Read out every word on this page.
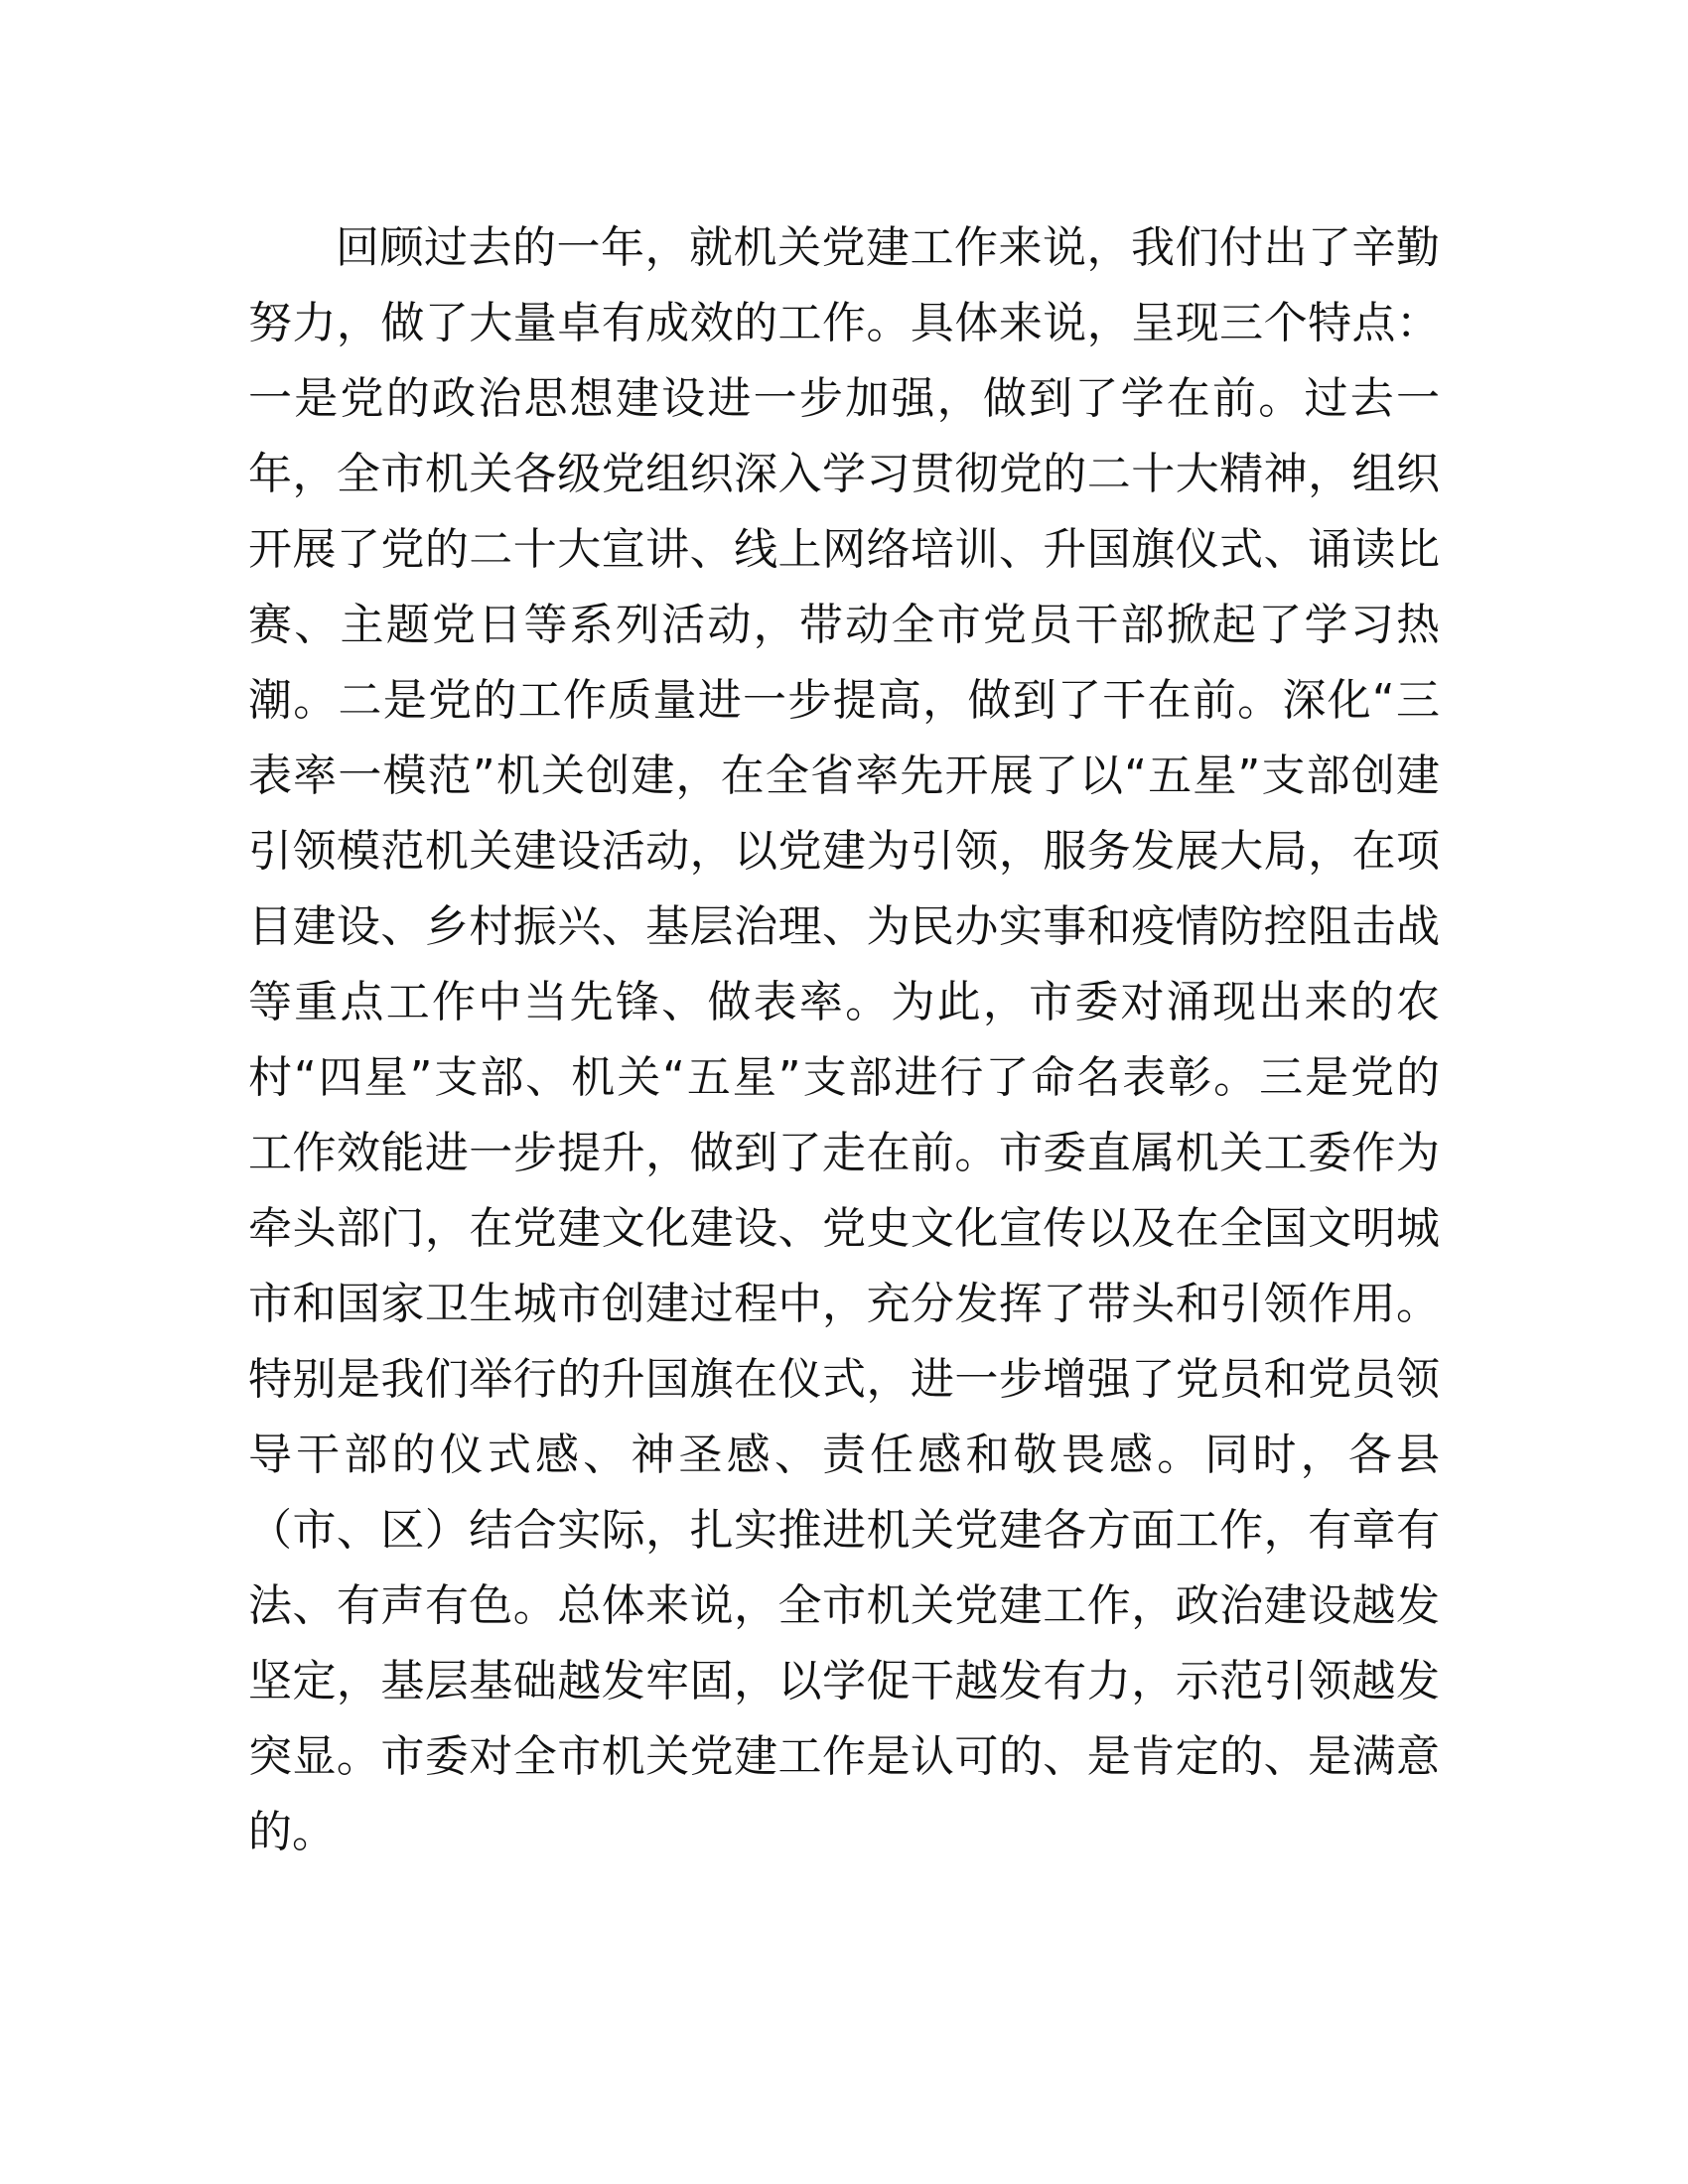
回顾过去的一年，就机关党建工作来说，我们付出了辛勤
努力，做了大量卓有成效的工作。具体来说，呈现三个特点：
一是党的政治思想建设进一步加强，做到了学在前。过去一
年，全市机关各级党组织深入学习贯彻党的二十大精神，组织
开展了党的二十大宣讲、线上网络培训、升国旗仪式、诵读比
赛、主题党日等系列活动，带动全市党员干部掀起了学习热
潮。二是党的工作质量进一步提高，做到了干在前。深化“三
表率一模范”机关创建，在全省率先开展了以“五星”支部创建
引领模范机关建设活动，以党建为引领，服务发展大局，在项
目建设、乡村振兴、基层治理、为民办实事和疫情防控阻击战
等重点工作中当先锋、做表率。为此，市委对涌现出来的农
村“四星”支部、机关“五星”支部进行了命名表彰。三是党的
工作效能进一步提升，做到了走在前。市委直属机关工委作为
牵头部门，在党建文化建设、党史文化宣传以及在全国文明城
市和国家卫生城市创建过程中，充分发挥了带头和引领作用。
特别是我们举行的升国旗在仪式，进一步增强了党员和党员领
导干部的仪式感、神圣感、责任感和敬畏感。同时，各县
（市、区）结合实际，扎实推进机关党建各方面工作，有章有
法、有声有色。总体来说，全市机关党建工作，政治建设越发
坚定，基层基础越发牢固，以学促干越发有力，示范引领越发
突显。市委对全市机关党建工作是认可的、是肯定的、是满意
的。
